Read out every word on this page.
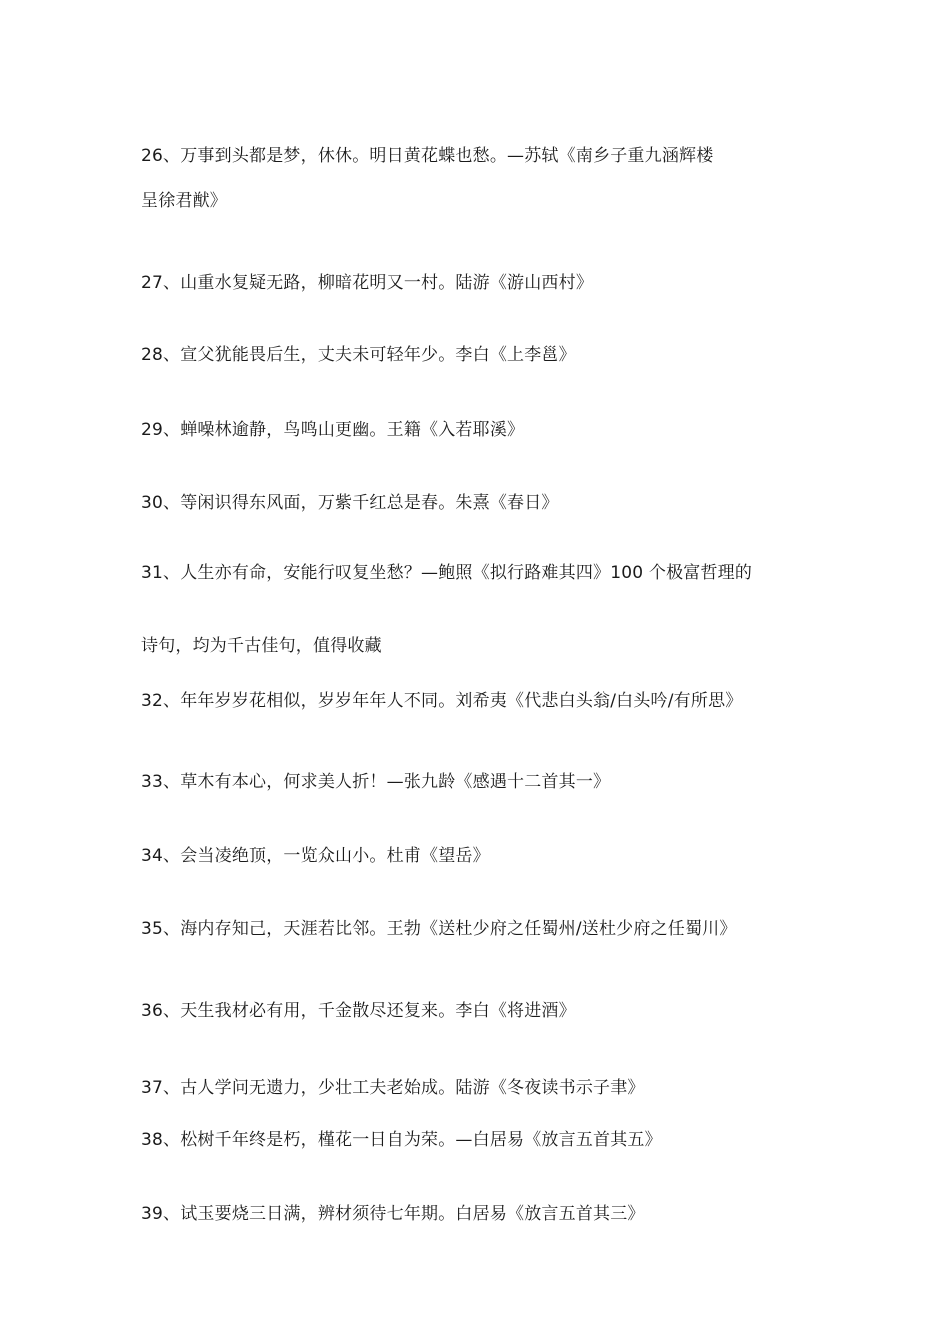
26、万事到头都是梦，休休。明日黄花蝶也愁。—苏轼《南乡子重九涵辉楼
呈徐君猷》
27、山重水复疑无路，柳暗花明又一村。陆游《游山西村》
28、宣父犹能畏后生，丈夫未可轻年少。李白《上李邕》
29、蝉噪林逾静，鸟鸣山更幽。王籍《入若耶溪》
30、等闲识得东风面，万紫千红总是春。朱熹《春日》
31、人生亦有命，安能行叹复坐愁？—鲍照《拟行路难其四》100 个极富哲理的
诗句，均为千古佳句，值得收藏
32、年年岁岁花相似，岁岁年年人不同。刘希夷《代悲白头翁/白头吟/有所思》
33、草木有本心，何求美人折！—张九龄《感遇十二首其一》
34、会当凌绝顶，一览众山小。杜甫《望岳》
35、海内存知己，天涯若比邻。王勃《送杜少府之任蜀州/送杜少府之任蜀川》
36、天生我材必有用，千金散尽还复来。李白《将进酒》
37、古人学问无遗力，少壮工夫老始成。陆游《冬夜读书示子聿》
38、松树千年终是朽，槿花一日自为荣。—白居易《放言五首其五》
39、试玉要烧三日满，辨材须待七年期。白居易《放言五首其三》
